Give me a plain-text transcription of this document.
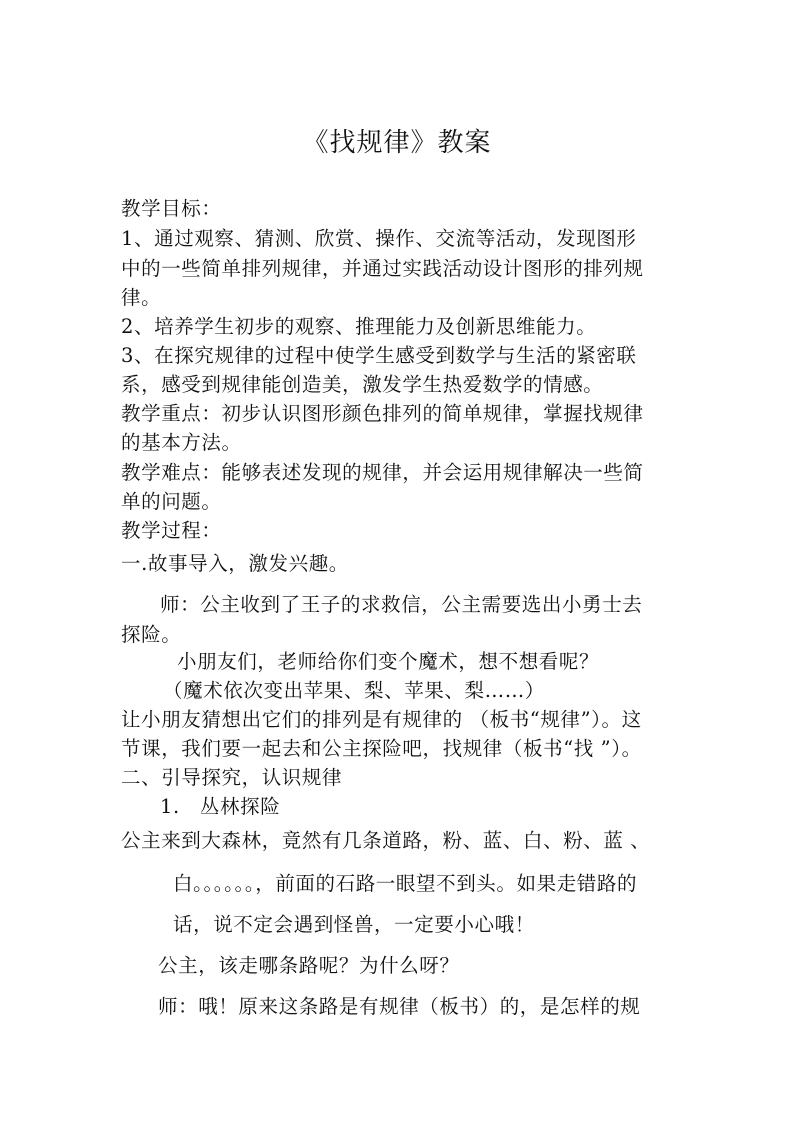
《找规律》教案
教学目标：
1、通过观察、猜测、欣赏、操作、交流等活动，发现图形
中的一些简单排列规律，并通过实践活动设计图形的排列规
律。
2、培养学生初步的观察、推理能力及创新思维能力。
3、在探究规律的过程中使学生感受到数学与生活的紧密联
系，感受到规律能创造美，激发学生热爱数学的情感。
教学重点：初步认识图形颜色排列的简单规律，掌握找规律
的基本方法。
教学难点：能够表述发现的规律，并会运用规律解决一些简
单的问题。
教学过程：
一.故事导入，激发兴趣。
师：公主收到了王子的求救信，公主需要选出小勇士去
探险。
小朋友们，老师给你们变个魔术，想不想看呢？
（魔术依次变出苹果、梨、苹果、梨……）
让小朋友猜想出它们的排列是有规律的 （板书“规律”）。这
节课，我们要一起去和公主探险吧，找规律（板书“找 ”）。
二、引导探究，认识规律
1.　丛林探险
公主来到大森林，竟然有几条道路，粉、蓝、白、粉、蓝 、
白。。。。。。，前面的石路一眼望不到头。如果走错路的
话，说不定会遇到怪兽，一定要小心哦！
公主，该走哪条路呢？为什么呀？
师：哦！原来这条路是有规律（板书）的，是怎样的规
